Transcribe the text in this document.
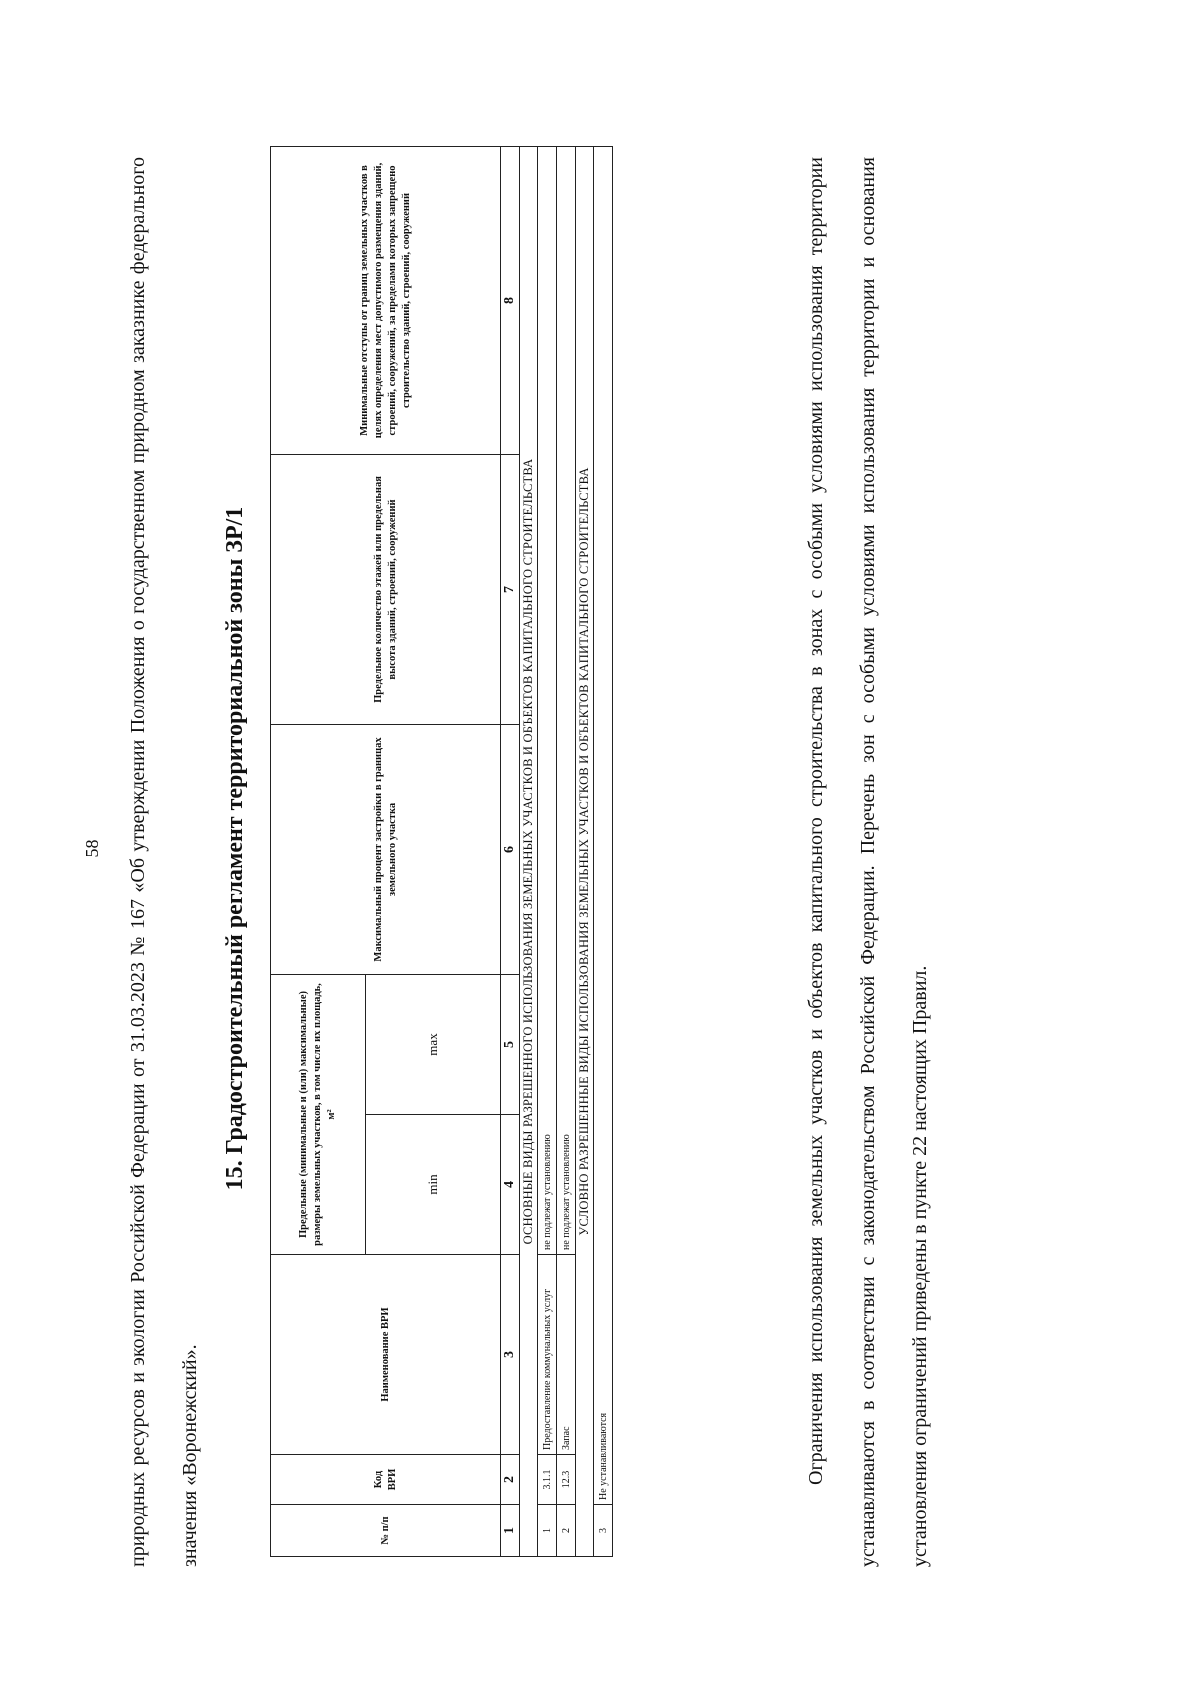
58	природных ресурсов и экологии Российской Федерации от 31.03.2023 № 167 «Об утверждении Положения о государственном природном заказнике федерального значения «Воронежский».
15. Градостроительный регламент территориальной зоны ЗР/1
№ п/п	Код ВРИ	Наименование ВРИ	Предельные (минимальные и (или) максимальные) размеры земельных участков, в том числе их площадь, м²		Максимальный процент застройки в границах земельного участка	Предельное количество этажей или предельная высота зданий, строений, сооружений	Минимальные отступы от границ земельных участков в целях определения мест допустимого размещения зданий, строений, сооружений, за пределами которых запрещено строительство зданий, строений, сооружений
			min	max			
1	2	3	4	5	6	7	8
ОСНОВНЫЕ ВИДЫ РАЗРЕШЕННОГО ИСПОЛЬЗОВАНИЯ ЗЕМЕЛЬНЫХ УЧАСТКОВ И ОБЪЕКТОВ КАПИТАЛЬНОГО СТРОИТЕЛЬСТВА							
1	3.1.1	Предоставление коммунальных услуг	не подлежат установлению				
2	12.3	Запас	не подлежат установлению				
УСЛОВНО РАЗРЕШЕННЫЕ ВИДЫ ИСПОЛЬЗОВАНИЯ ЗЕМЕЛЬНЫХ УЧАСТКОВ И ОБЪЕКТОВ КАПИТАЛЬНОГО СТРОИТЕЛЬСТВА							
3	Не устанавливаются							Ограничения использования земельных участков и объектов капитального строительства в зонах с особыми условиями использования территории устанавливаются в соответствии с законодательством Российской Федерации. Перечень зон с особыми условиями использования территории и основания установления ограничений приведены в пункте 22 настоящих Правил.
